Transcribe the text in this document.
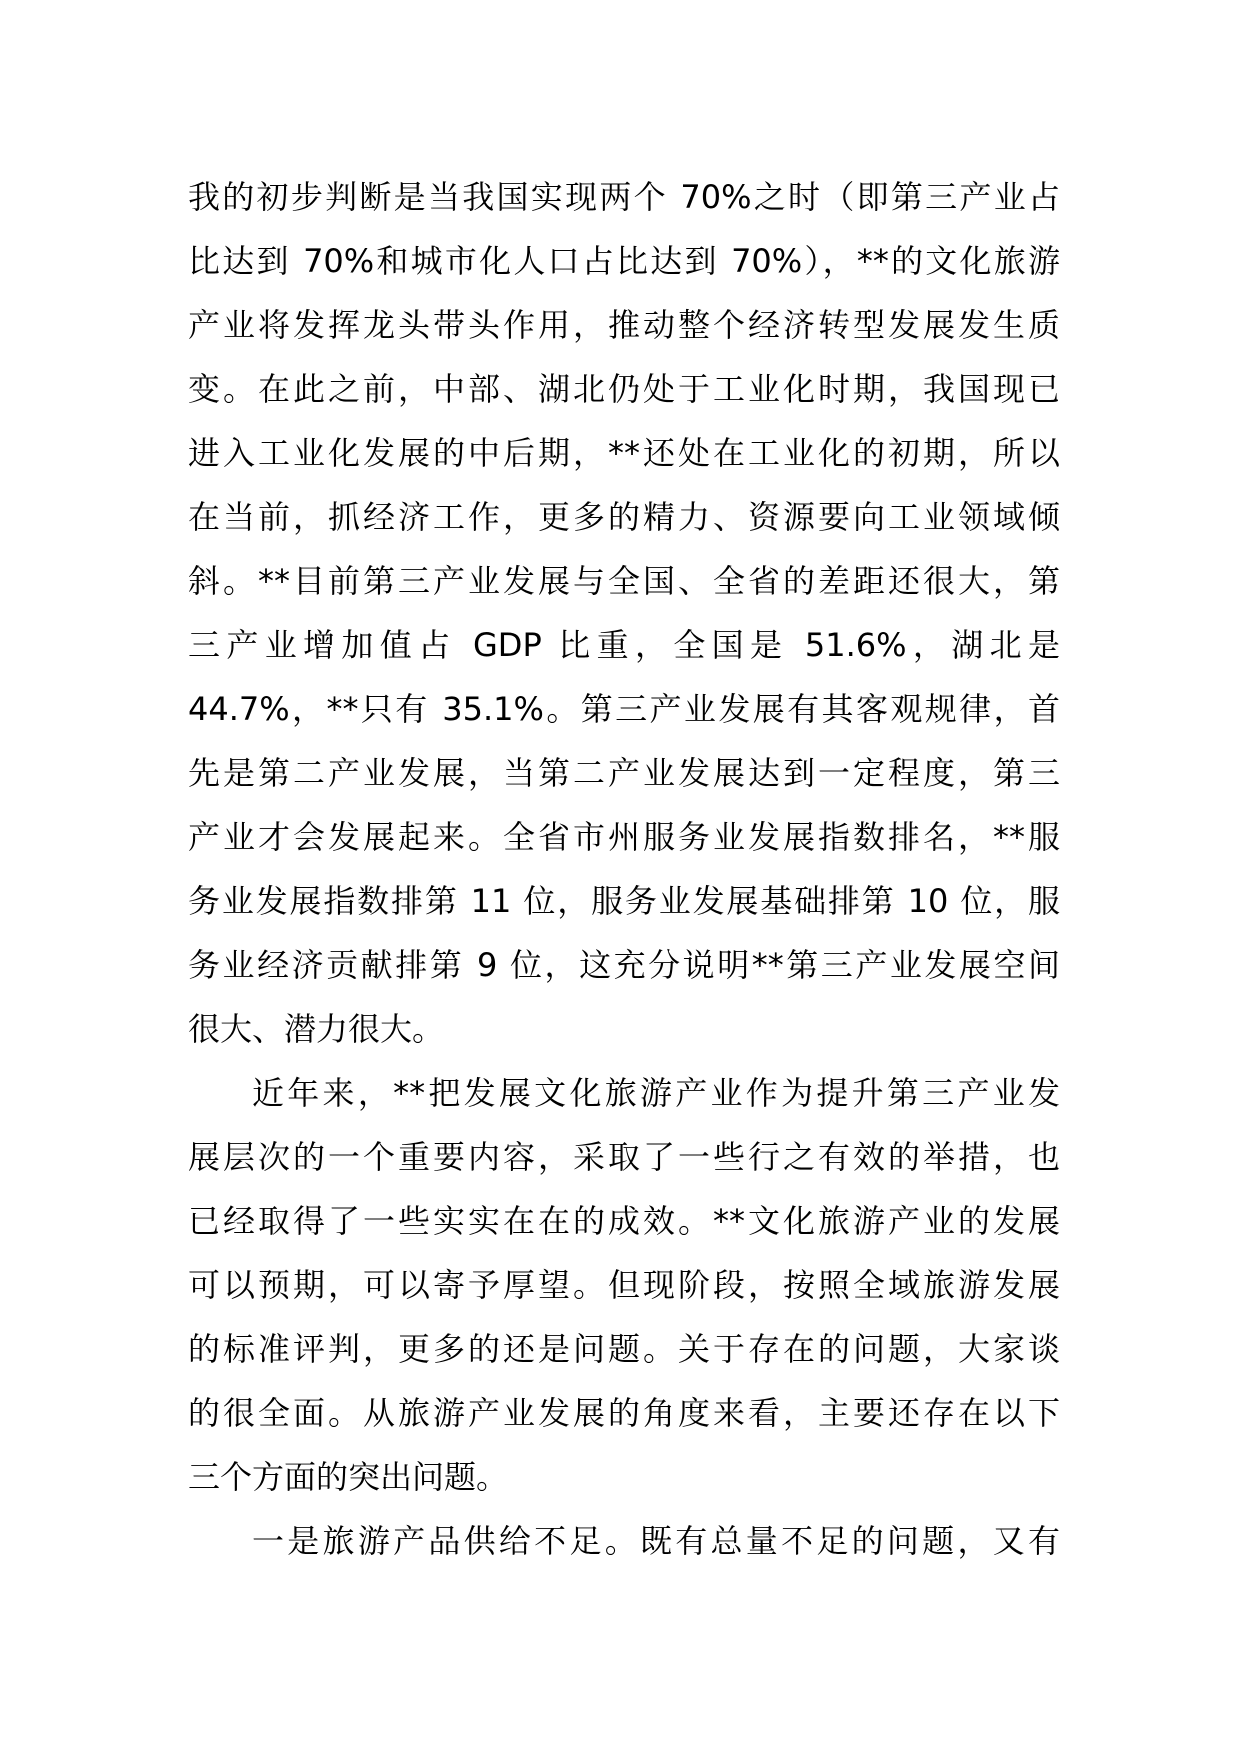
我的初步判断是当我国实现两个 70%之时（即第三产业占
比达到 70%和城市化人口占比达到 70%），**的文化旅游
产业将发挥龙头带头作用，推动整个经济转型发展发生质
变。在此之前，中部、湖北仍处于工业化时期，我国现已
进入工业化发展的中后期，**还处在工业化的初期，所以
在当前，抓经济工作，更多的精力、资源要向工业领域倾
斜。**目前第三产业发展与全国、全省的差距还很大，第
三产业增加值占 GDP 比重，全国是 51.6%，湖北是
44.7%，**只有 35.1%。第三产业发展有其客观规律，首
先是第二产业发展，当第二产业发展达到一定程度，第三
产业才会发展起来。全省市州服务业发展指数排名，**服
务业发展指数排第 11 位，服务业发展基础排第 10 位，服
务业经济贡献排第 9 位，这充分说明**第三产业发展空间
很大、潜力很大。
近年来，**把发展文化旅游产业作为提升第三产业发
展层次的一个重要内容，采取了一些行之有效的举措，也
已经取得了一些实实在在的成效。**文化旅游产业的发展
可以预期，可以寄予厚望。但现阶段，按照全域旅游发展
的标准评判，更多的还是问题。关于存在的问题，大家谈
的很全面。从旅游产业发展的角度来看，主要还存在以下
三个方面的突出问题。
一是旅游产品供给不足。既有总量不足的问题，又有
